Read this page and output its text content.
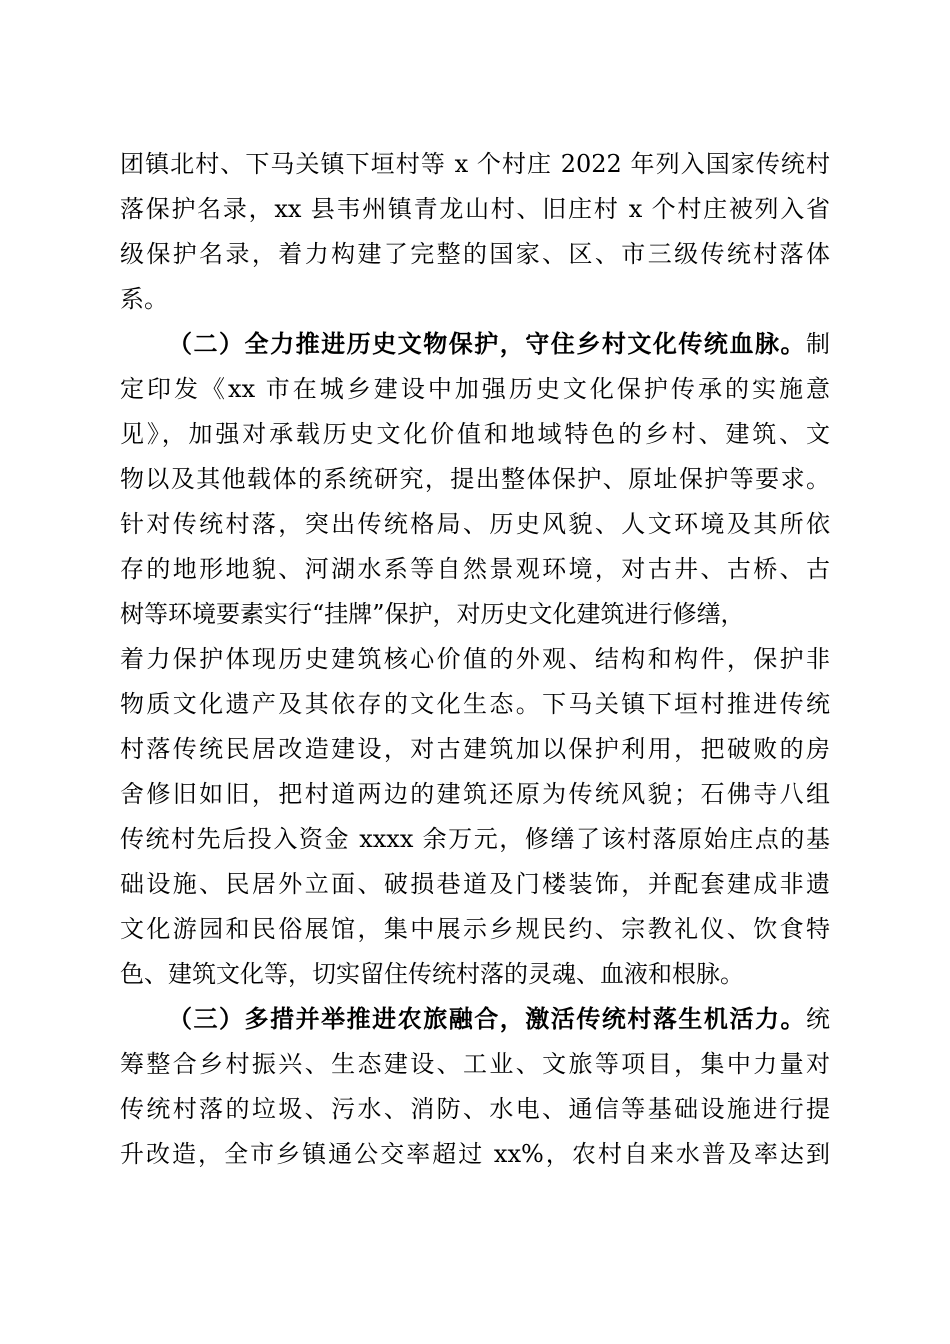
团镇北村、下马关镇下垣村等 x 个村庄 2022 年列入国家传统村
落保护名录，xx 县韦州镇青龙山村、旧庄村 x 个村庄被列入省
级保护名录，着力构建了完整的国家、区、市三级传统村落体
系。
（二）全力推进历史文物保护，守住乡村文化传统血脉。制
定印发《xx 市在城乡建设中加强历史文化保护传承的实施意
见》，加强对承载历史文化价值和地域特色的乡村、建筑、文
物以及其他载体的系统研究，提出整体保护、原址保护等要求。
针对传统村落，突出传统格局、历史风貌、人文环境及其所依
存的地形地貌、河湖水系等自然景观环境，对古井、古桥、古
树等环境要素实行“挂牌”保护，对历史文化建筑进行修缮，
着力保护体现历史建筑核心价值的外观、结构和构件，保护非
物质文化遗产及其依存的文化生态。下马关镇下垣村推进传统
村落传统民居改造建设，对古建筑加以保护利用，把破败的房
舍修旧如旧，把村道两边的建筑还原为传统风貌；石佛寺八组
传统村先后投入资金 xxxx 余万元，修缮了该村落原始庄点的基
础设施、民居外立面、破损巷道及门楼装饰，并配套建成非遗
文化游园和民俗展馆，集中展示乡规民约、宗教礼仪、饮食特
色、建筑文化等，切实留住传统村落的灵魂、血液和根脉。
（三）多措并举推进农旅融合，激活传统村落生机活力。统
筹整合乡村振兴、生态建设、工业、文旅等项目，集中力量对
传统村落的垃圾、污水、消防、水电、通信等基础设施进行提
升改造，全市乡镇通公交率超过 xx%，农村自来水普及率达到
